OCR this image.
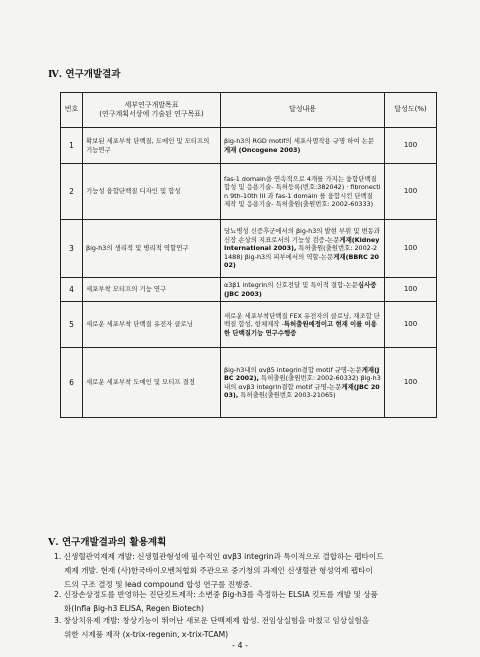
Ⅳ. 연구개발결과
번호	세부연구개발목표
(연구계획서상에 기술된 연구목표)	달성내용	달성도(%)
1	확보된 세포부착 단백질, 도메인 및 모티프의 기능연구	βig-h3의 RGD motif의 세포사멸작용 규명 하여 논문 게재 (Oncogene 2003)	100
2	기능성 융합단백질 디자인 및 합성	fas-1 domain을 연속적으로 4개를 가지는 융합단백질 합성 및 응용기술- 특허등록(번호:382042) · fibronectin 9th-10th III 과 fas-1 domain 를 융합시킨 단백질 제작 및 응용기술- 특허출원(출원번호: 2002-60333)	100
3	βig-h3의 생리적 및 병리적 역할연구	당뇨병성 신증후군에서의 βig-h3의 발현 부위 및 변동과 신장 손상의 지표로서의 기능성 검증-논문게재(Kidney International 2003), 특허출원(출원번호: 2002-21488) βig-h3의 피부에서의 역할-논문게재(BBRC 2002)	100
4	세포부착 모티프의 기능 연구	α3β1 integrin의 신호전달 및 특이적 결합-논문심사중(JBC 2003)	100
5	새로운 세포부착 단백질 유전자 클로닝	새로운 세포부착단백질 FEX 유전자의 클로닝, 재조합 단백질 합성, 항체제작 -특허출원예정이고 현재 이를 이용한 단백질기능 연구수행중	100
6	새로운 세포부착 도메인 및 모티프 결정	βig-h3내의 αvβ5 integrin결합 motif 규명-논문게재(JBC 2002), 특허출원(출원번호: 2002-60332) βig-h3내의 αvβ3 integrin결합 motif 규명-논문게재(JBC 2003), 특허출원(출원번호 2003-21065)	100
Ⅴ. 연구개발결과의 활용계획
1. 신생혈관억제제 개발: 신생혈관형성에 필수적인 αvβ3 integrin과 특이적으로 결합하는 펩타이드
제제 개발. 현재 (사)한국바이오벤처협회 주관으로 중기청의 과제인 신생혈관 형성억제 펩타이
드의 구조 결정 및 lead compound 합성 연구를 진행중.
2. 신장손상정도를 반영하는 진단킷트제작: 소변중 βig-h3를 측정하는 ELSIA 킷트를 개발 및 상품
화(Infla βig-h3 ELISA, Regen Biotech)
3. 창상치유제 개발: 창상기능이 뛰어난 새로운 단백제제 합성. 전임상실험을 마쳤고 임상실험을
위한 시제품 제작 (x-trix-regenin, x-trix-TCAM)
- 4 -
